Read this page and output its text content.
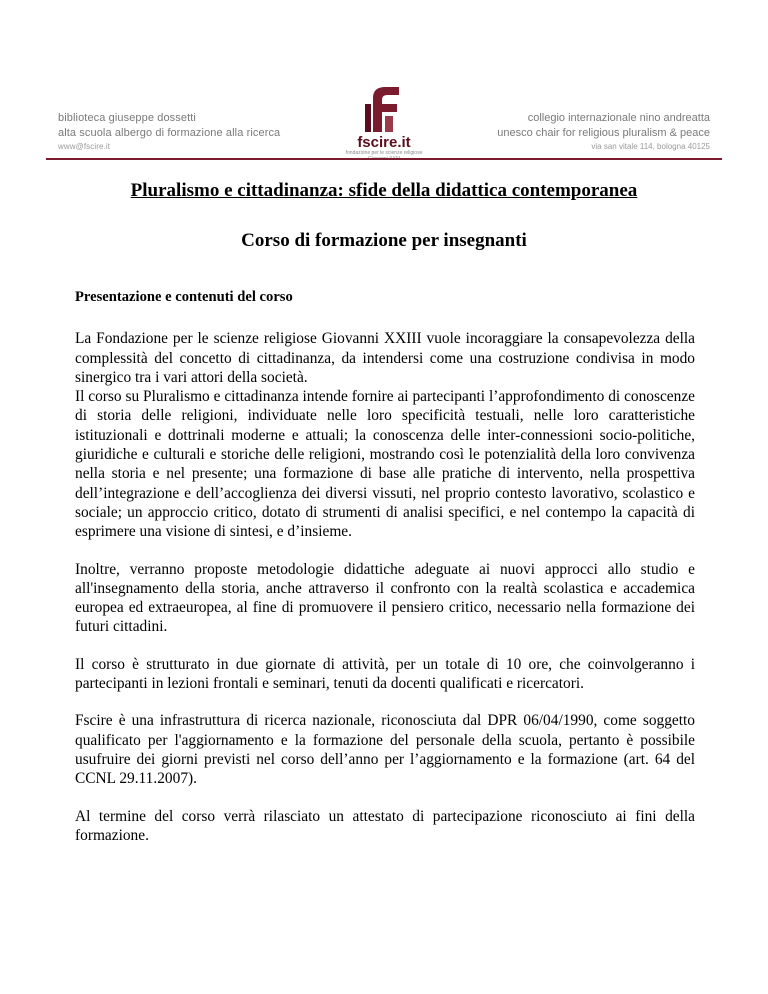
biblioteca giuseppe dossetti
alta scuola albergo di formazione alla ricerca
www@fscire.it	fscire.it
fondazione per le scienze religiose
collegio internazionale nino andreatta
unesco chair for religious pluralism & peace
via san vitale 114, bologna 40125
Pluralismo e cittadinanza: sfide della didattica contemporanea
Corso di formazione per insegnanti
Presentazione e contenuti del corso

La Fondazione per le scienze religiose Giovanni XXIII vuole incoraggiare la consapevolezza della complessità del concetto di cittadinanza, da intendersi come una costruzione condivisa in modo sinergico tra i vari attori della società.

Il corso su Pluralismo e cittadinanza intende fornire ai partecipanti l’approfondimento di conoscenze di storia delle religioni, individuate nelle loro specificità testuali, nelle loro caratteristiche istituzionali e dottrinali moderne e attuali; la conoscenza delle inter-connessioni socio-politiche, giuridiche e culturali e storiche delle religioni, mostrando così le potenzialità della loro convivenza nella storia e nel presente; una formazione di base alle pratiche di intervento, nella prospettiva dell’integrazione e dell’accoglienza dei diversi vissuti, nel proprio contesto lavorativo, scolastico e sociale; un approccio critico, dotato di strumenti di analisi specifici, e nel contempo la capacità di esprimere una visione di sintesi, e d’insieme.

Inoltre, verranno proposte metodologie didattiche adeguate ai nuovi approcci allo studio e all'insegnamento della storia, anche attraverso il confronto con la realtà scolastica e accademica europea ed extraeuropea, al fine di promuovere il pensiero critico, necessario nella formazione dei futuri cittadini.

Il corso è strutturato in due giornate di attività, per un totale di 10 ore, che coinvolgeranno i partecipanti in lezioni frontali e seminari, tenuti da docenti qualificati e ricercatori.

Fscire è una infrastruttura di ricerca nazionale, riconosciuta dal DPR 06/04/1990, come soggetto qualificato per l'aggiornamento e la formazione del personale della scuola, pertanto è possibile usufruire dei giorni previsti nel corso dell’anno per l’aggiornamento e la formazione (art. 64 del CCNL 29.11.2007).

Al termine del corso verrà rilasciato un attestato di partecipazione riconosciuto ai fini della formazione.
